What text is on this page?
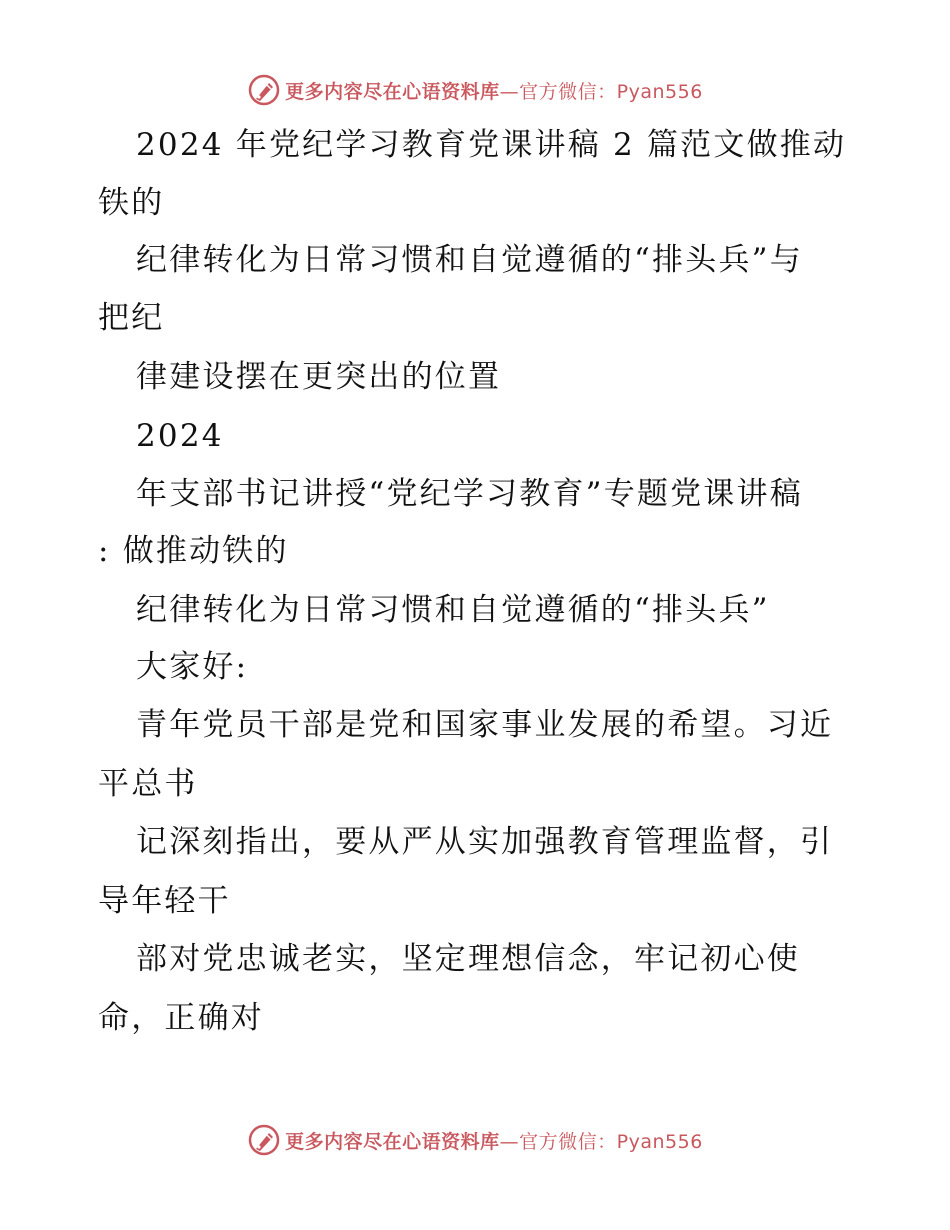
更多内容尽在心语资料库—官方微信：Pyan556
2024 年党纪学习教育党课讲稿 2 篇范文做推动
铁的
纪律转化为日常习惯和自觉遵循的“排头兵”与
把纪
律建设摆在更突出的位置
2024
年支部书记讲授“党纪学习教育”专题党课讲稿
: 做推动铁的
纪律转化为日常习惯和自觉遵循的“排头兵”
大家好:
青年党员干部是党和国家事业发展的希望。习近
平总书
记深刻指出，要从严从实加强教育管理监督，引
导年轻干
部对党忠诚老实，坚定理想信念，牢记初心使
命，正确对
更多内容尽在心语资料库—官方微信：Pyan556
